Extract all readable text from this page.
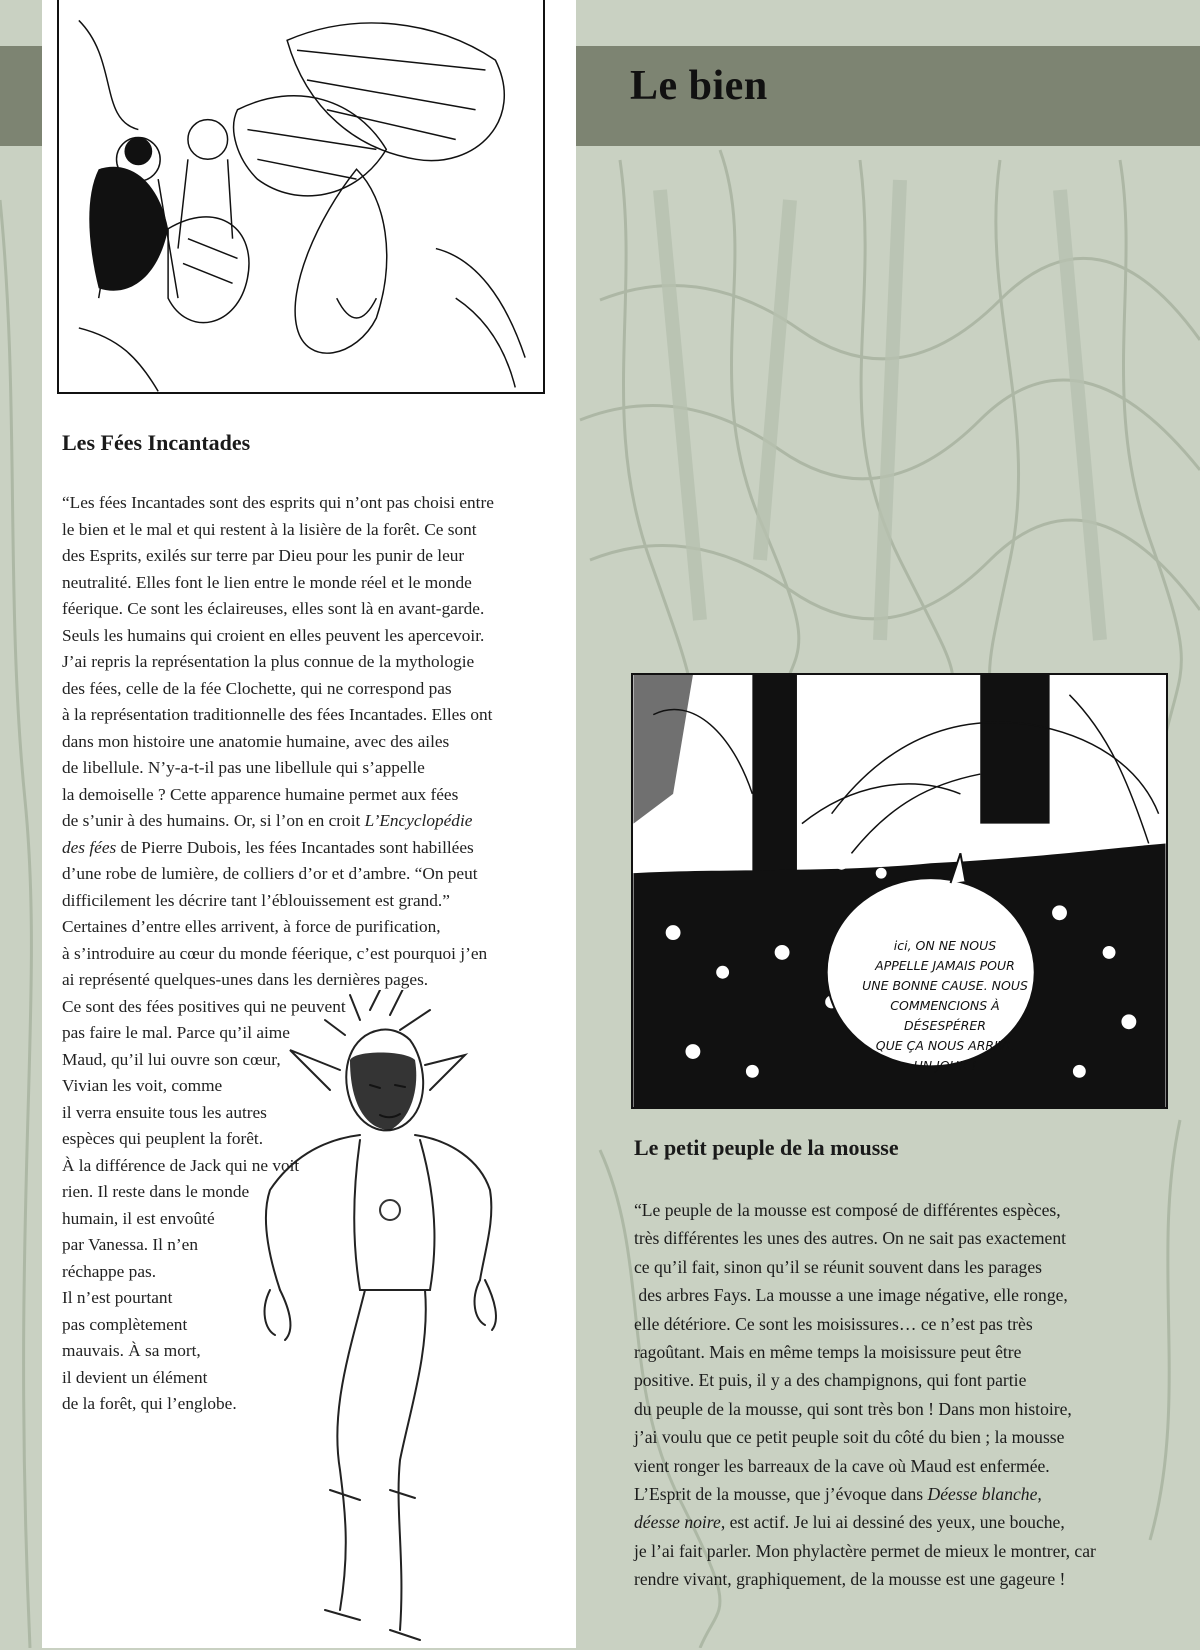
Le bien
Les Fées Incantades

“Les fées Incantades sont des esprits qui n’ont pas choisi entre
le bien et le mal et qui restent à la lisière de la forêt. Ce sont
des Esprits, exilés sur terre par Dieu pour les punir de leur
neutralité. Elles font le lien entre le monde réel et le monde
féerique. Ce sont les éclaireuses, elles sont là en avant-garde.
Seuls les humains qui croient en elles peuvent les apercevoir.
J’ai repris la représentation la plus connue de la mythologie
des fées, celle de la fée Clochette, qui ne correspond pas
à la représentation traditionnelle des fées Incantades. Elles ont
dans mon histoire une anatomie humaine, avec des ailes
de libellule. N’y-a-t-il pas une libellule qui s’appelle
la demoiselle ? Cette apparence humaine permet aux fées
de s’unir à des humains. Or, si l’on en croit L’Encyclopédie
des fées de Pierre Dubois, les fées Incantades sont habillées
d’une robe de lumière, de colliers d’or et d’ambre. “On peut
difficilement les décrire tant l’éblouissement est grand.”
Certaines d’entre elles arrivent, à force de purification,
à s’introduire au cœur du monde féerique, c’est pourquoi j’en
ai représenté quelques-unes dans les dernières pages.
Ce sont des fées positives qui ne peuvent
pas faire le mal. Parce qu’il aime
Maud, qu’il lui ouvre son cœur,
Vivian les voit, comme
il verra ensuite tous les autres
espèces qui peuplent la forêt.
À la différence de Jack qui ne voit
rien. Il reste dans le monde
humain, il est envoûté
par Vanessa. Il n’en
réchappe pas.
Il n’est pourtant
pas complètement
mauvais. À sa mort,
il devient un élément
de la forêt, qui l’englobe.

ici, ON NE NOUS
APPELLE JAMAIS POUR
UNE BONNE CAUSE. NOUS
COMMENCIONS À DÉSESPÉRER
QUE ÇA NOUS ARRIVE
UN JOUR !

Le petit peuple de la mousse

“Le peuple de la mousse est composé de différentes espèces,
très différentes les unes des autres. On ne sait pas exactement
ce qu’il fait, sinon qu’il se réunit souvent dans les parages
des arbres Fays. La mousse a une image négative, elle ronge,
elle détériore. Ce sont les moisissures… ce n’est pas très
ragoûtant. Mais en même temps la moisissure peut être
positive. Et puis, il y a des champignons, qui font partie
du peuple de la mousse, qui sont très bon ! Dans mon histoire,
j’ai voulu que ce petit peuple soit du côté du bien ; la mousse
vient ronger les barreaux de la cave où Maud est enfermée.
L’Esprit de la mousse, que j’évoque dans Déesse blanche,
déesse noire, est actif. Je lui ai dessiné des yeux, une bouche,
je l’ai fait parler. Mon phylactère permet de mieux le montrer, car
rendre vivant, graphiquement, de la mousse est une gageure !
